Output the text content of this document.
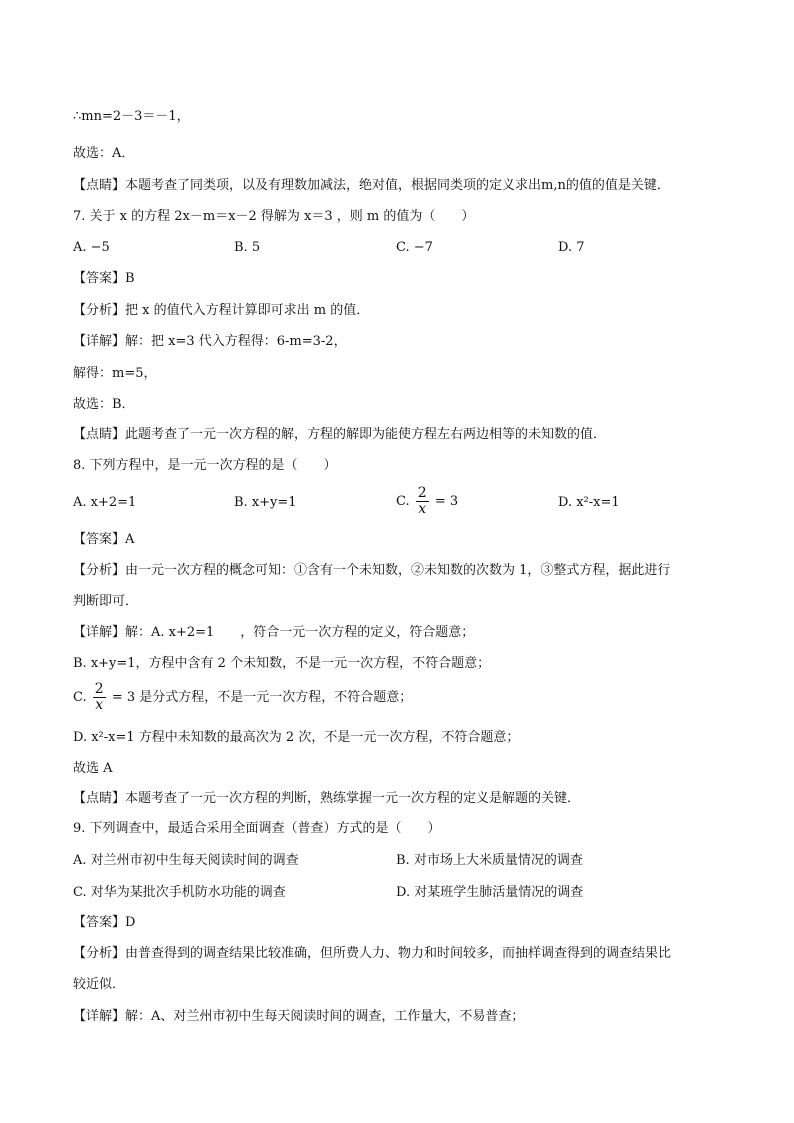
∴mn=2－3＝－1，
故选：A．
【点睛】本题考查了同类项，以及有理数加减法，绝对值，根据同类项的定义求出m,n的值的值是关键．
7. 关于 x 的方程 2x－m＝x－2 得解为 x＝3 ，则 m 的值为（　　）
A. −5	B. 5	C. −7	D. 7
【答案】B
【分析】把 x 的值代入方程计算即可求出 m 的值．
【详解】解：把 x=3 代入方程得：6-m=3-2，
解得：m=5，
故选：B．
【点睛】此题考查了一元一次方程的解，方程的解即为能使方程左右两边相等的未知数的值．
8. 下列方程中，是一元一次方程的是（　　）
A. x+2=1	B. x+y=1	C. $\frac{2}{x} = 3$	D. x²-x=1
【答案】A
【分析】由一元一次方程的概念可知：①含有一个未知数，②未知数的次数为 1，③整式方程，据此进行
判断即可．
【详解】解：A. x+2=1　　，符合一元一次方程的定义，符合题意；
B. x+y=1，方程中含有 2 个未知数，不是一元一次方程，不符合题意；
C. $\frac{2}{x} = 3$ 是分式方程，不是一元一次方程，不符合题意；
D. x²-x=1 方程中未知数的最高次为 2 次，不是一元一次方程，不符合题意；
故选 A
【点睛】本题考查了一元一次方程的判断，熟练掌握一元一次方程的定义是解题的关键．
9. 下列调查中，最适合采用全面调查（普查）方式的是（　　）
A. 对兰州市初中生每天阅读时间的调查	B. 对市场上大米质量情况的调查
C. 对华为某批次手机防水功能的调查	D. 对某班学生肺活量情况的调查
【答案】D
【分析】由普查得到的调查结果比较准确，但所费人力、物力和时间较多，而抽样调查得到的调查结果比
较近似．
【详解】解：A、对兰州市初中生每天阅读时间的调查，工作量大，不易普查；
